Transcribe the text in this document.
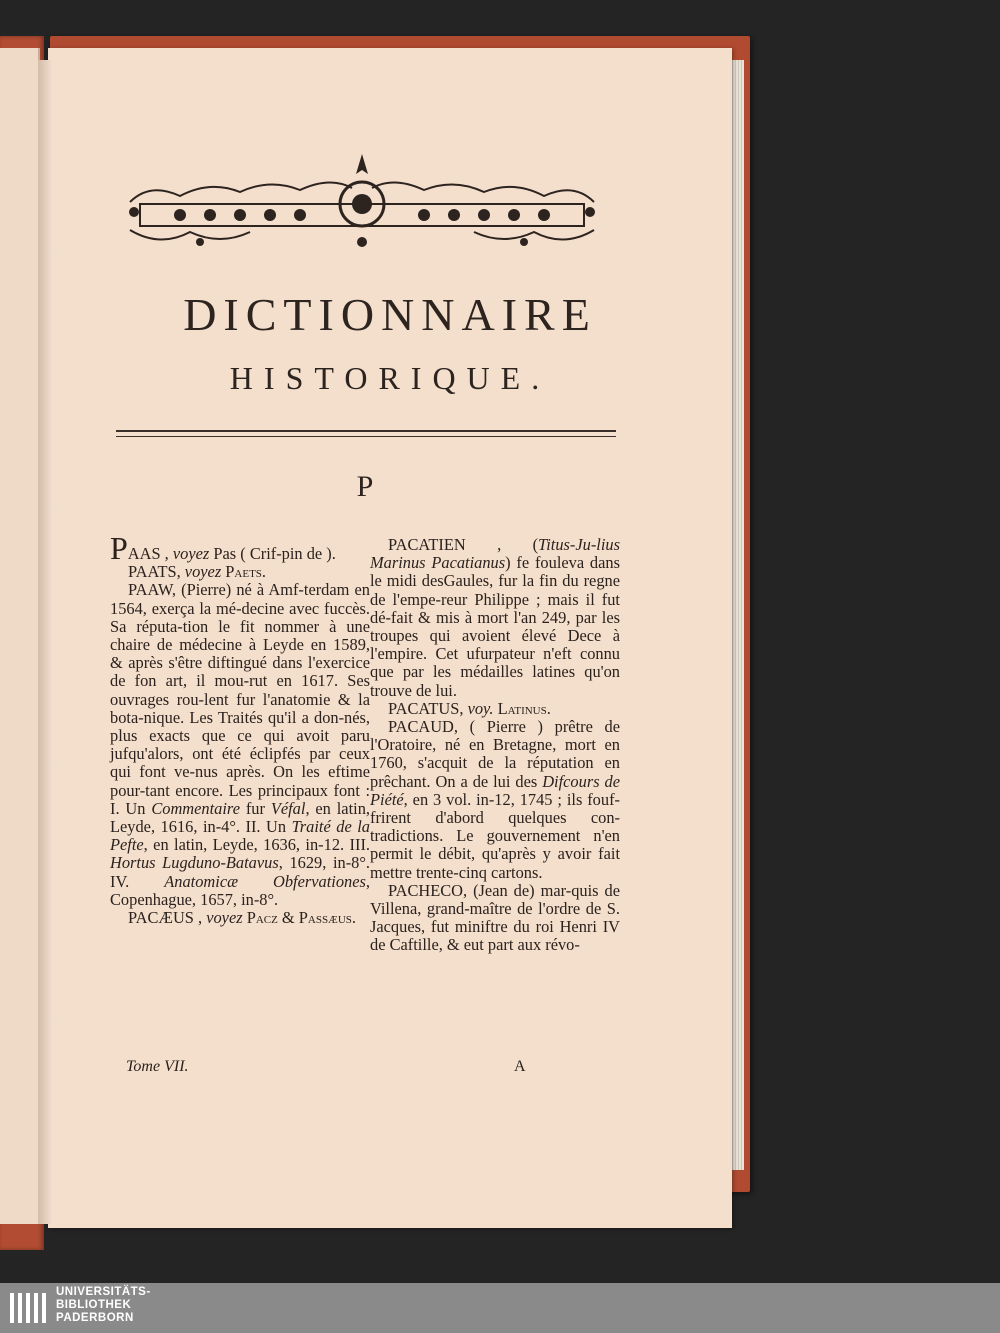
DICTIONNAIRE
HISTORIQUE.
P

PAAS , voyez Pas ( Crif-pin de ).

PAATS, voyez Paets.

PAAW, (Pierre) né à Amf-terdam en 1564, exerça la mé-decine avec fuccès. Sa réputa-tion le fit nommer à une chaire de médecine à Leyde en 1589, & après s'être diftingué dans l'exercice de fon art, il mou-rut en 1617. Ses ouvrages rou-lent fur l'anatomie & la bota-nique. Les Traités qu'il a don-nés, plus exacts que ce qui avoit paru jufqu'alors, ont été éclipfés par ceux qui font ve-nus après. On les eftime pour-tant encore. Les principaux font : I. Un Commentaire fur Véfal, en latin, Leyde, 1616, in-4°. II. Un Traité de la Pefte, en latin, Leyde, 1636, in-12. III. Hortus Lugduno-Batavus, 1629, in-8°. IV. Anatomicæ Obfervationes, Copenhague, 1657, in-8°.

PACÆUS , voyez Pacz & Passæus.

PACATIEN , (Titus-Ju-lius Marinus Pacatianus) fe fouleva dans le midi desGaules, fur la fin du regne de l'empe-reur Philippe ; mais il fut dé-fait & mis à mort l'an 249, par les troupes qui avoient élevé Dece à l'empire. Cet ufurpateur n'eft connu que par les médailles latines qu'on trouve de lui.

PACATUS, voy. Latinus.

PACAUD, ( Pierre ) prêtre de l'Oratoire, né en Bretagne, mort en 1760, s'acquit de la réputation en prêchant. On a de lui des Difcours de Piété, en 3 vol. in-12, 1745 ; ils fouf-frirent d'abord quelques con-tradictions. Le gouvernement n'en permit le débit, qu'après y avoir fait mettre trente-cinq cartons.

PACHECO, (Jean de) mar-quis de Villena, grand-maître de l'ordre de S. Jacques, fut miniftre du roi Henri IV de Caftille, & eut part aux révo-

Tome VII.	A
UNIVERSITÄTS-
BIBLIOTHEK
PADERBORN
